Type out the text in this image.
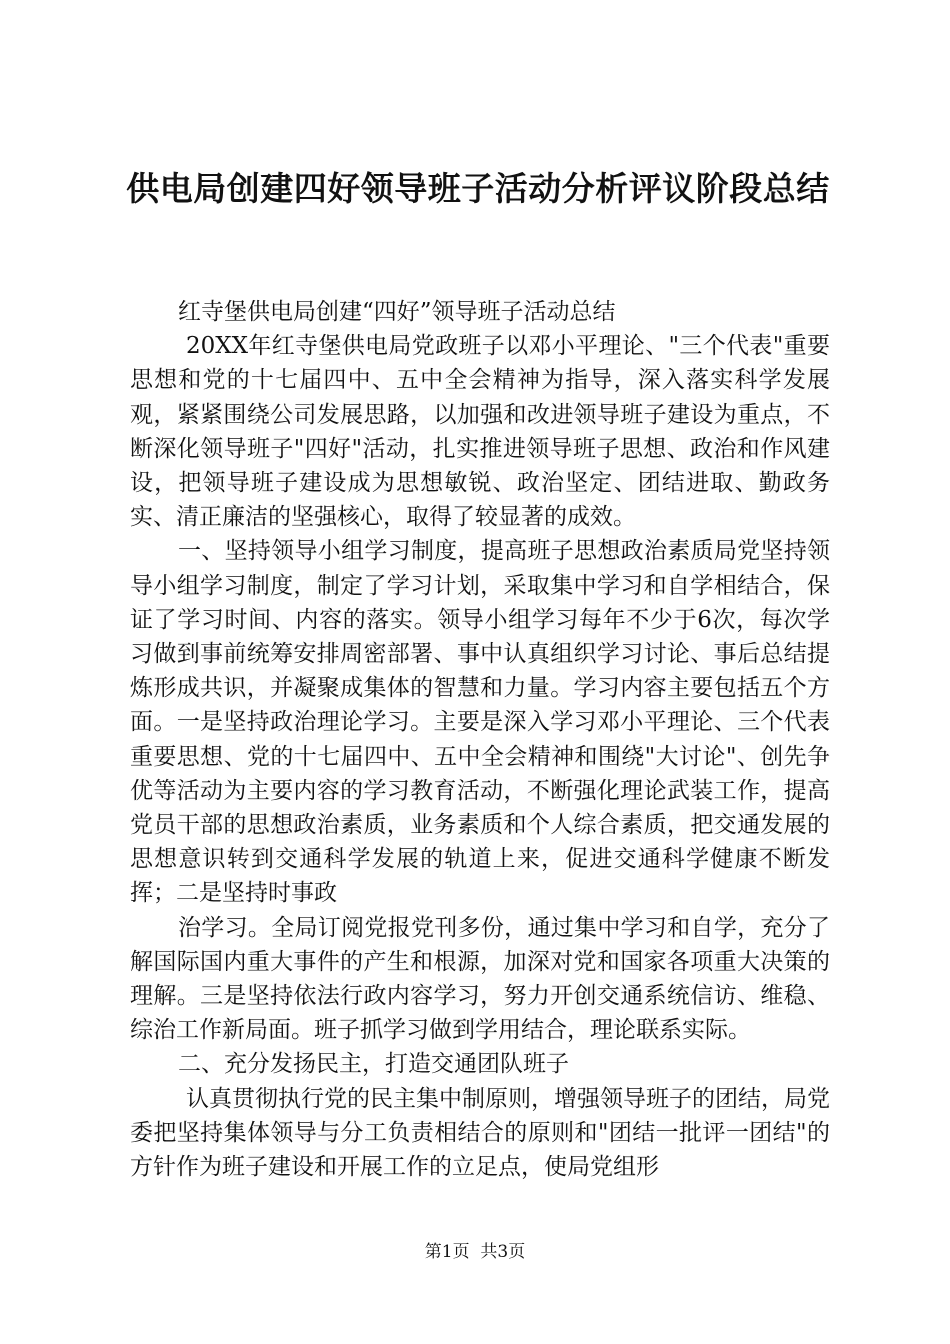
供电局创建四好领导班子活动分析评议阶段总结

红寺堡供电局创建“四好”领导班子活动总结

20XX年红寺堡供电局党政班子以邓小平理论、"三个代表"重要思想和党的十七届四中、五中全会精神为指导，深入落实科学发展观，紧紧围绕公司发展思路，以加强和改进领导班子建设为重点，不断深化领导班子"四好"活动，扎实推进领导班子思想、政治和作风建设，把领导班子建设成为思想敏锐、政治坚定、团结进取、勤政务实、清正廉洁的坚强核心，取得了较显著的成效。

一、坚持领导小组学习制度，提高班子思想政治素质局党坚持领导小组学习制度，制定了学习计划，采取集中学习和自学相结合，保证了学习时间、内容的落实。领导小组学习每年不少于6次，每次学习做到事前统筹安排周密部署、事中认真组织学习讨论、事后总结提炼形成共识，并凝聚成集体的智慧和力量。学习内容主要包括五个方面。一是坚持政治理论学习。主要是深入学习邓小平理论、三个代表重要思想、党的十七届四中、五中全会精神和围绕"大讨论"、创先争优等活动为主要内容的学习教育活动，不断强化理论武装工作，提高党员干部的思想政治素质，业务素质和个人综合素质，把交通发展的思想意识转到交通科学发展的轨道上来，促进交通科学健康不断发挥；二是坚持时事政

治学习。全局订阅党报党刊多份，通过集中学习和自学，充分了解国际国内重大事件的产生和根源，加深对党和国家各项重大决策的理解。三是坚持依法行政内容学习，努力开创交通系统信访、维稳、综治工作新局面。班子抓学习做到学用结合，理论联系实际。

二、充分发扬民主，打造交通团队班子

认真贯彻执行党的民主集中制原则，增强领导班子的团结，局党委把坚持集体领导与分工负责相结合的原则和"团结一批评一团结"的方针作为班子建设和开展工作的立足点，使局党组形

第1页 共3页
